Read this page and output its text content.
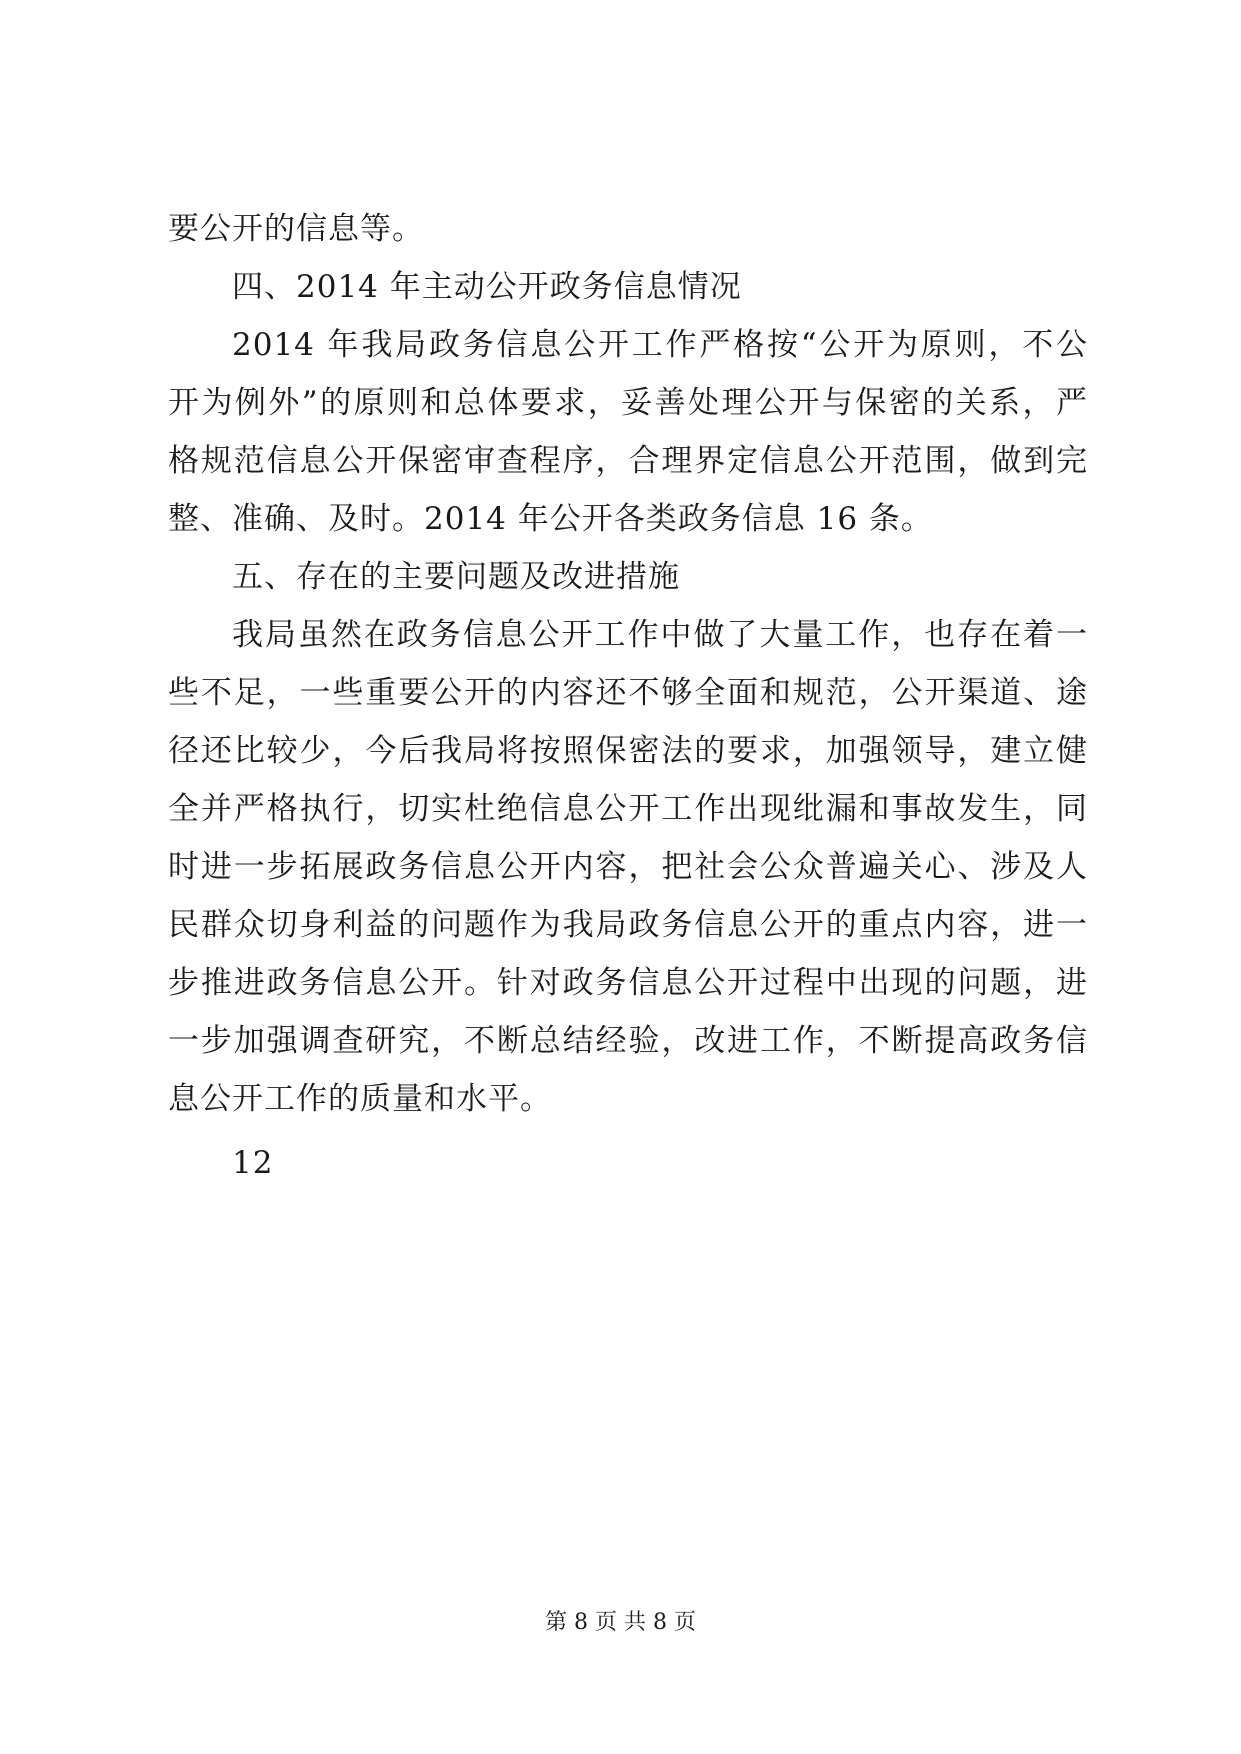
要公开的信息等。
四、2014 年主动公开政务信息情况
2014 年我局政务信息公开工作严格按“公开为原则，不公
开为例外”的原则和总体要求，妥善处理公开与保密的关系，严
格规范信息公开保密审查程序，合理界定信息公开范围，做到完
整、准确、及时。2014 年公开各类政务信息 16 条。
五、存在的主要问题及改进措施
我局虽然在政务信息公开工作中做了大量工作，也存在着一
些不足，一些重要公开的内容还不够全面和规范，公开渠道、途
径还比较少，今后我局将按照保密法的要求，加强领导，建立健
全并严格执行，切实杜绝信息公开工作出现纰漏和事故发生，同
时进一步拓展政务信息公开内容，把社会公众普遍关心、涉及人
民群众切身利益的问题作为我局政务信息公开的重点内容，进一
步推进政务信息公开。针对政务信息公开过程中出现的问题，进
一步加强调查研究，不断总结经验，改进工作，不断提高政务信
息公开工作的质量和水平。
12
第 8 页 共 8 页
